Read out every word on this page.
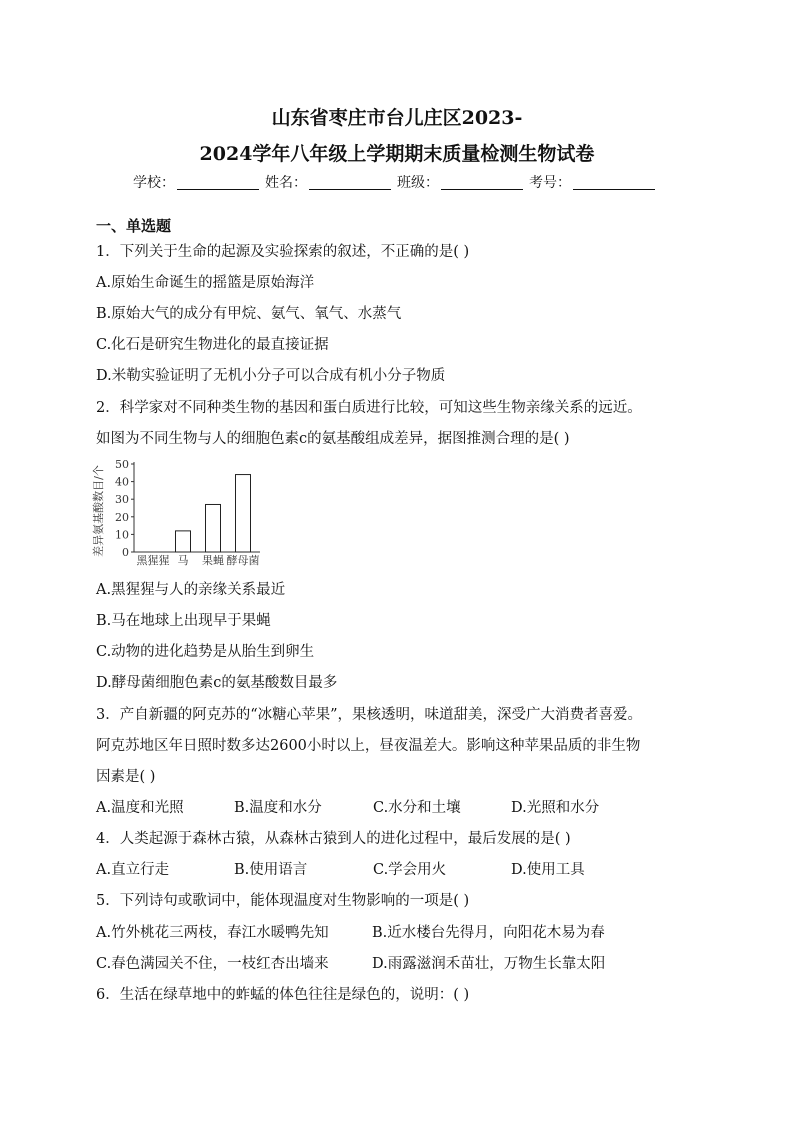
山东省枣庄市台儿庄区2023-
2024学年八年级上学期期末质量检测生物试卷
学校：	姓名：	班级：	考号：
一、单选题
1．下列关于生命的起源及实验探索的叙述，不正确的是( )
A.原始生命诞生的摇篮是原始海洋
B.原始大气的成分有甲烷、氨气、氧气、水蒸气
C.化石是研究生物进化的最直接证据
D.米勒实验证明了无机小分子可以合成有机小分子物质
2．科学家对不同种类生物的基因和蛋白质进行比较，可知这些生物亲缘关系的远近。
如图为不同生物与人的细胞色素c的氨基酸组成差异，据图推测合理的是( )
差异氨基酸数目/个 0
10
20
30
40
50
黑猩猩 马 果蝇 酵母菌
A.黑猩猩与人的亲缘关系最近
B.马在地球上出现早于果蝇
C.动物的进化趋势是从胎生到卵生
D.酵母菌细胞色素c的氨基酸数目最多
3．产自新疆的阿克苏的“冰糖心苹果”，果核透明，味道甜美，深受广大消费者喜爱。
阿克苏地区年日照时数多达2600小时以上，昼夜温差大。影响这种苹果品质的非生物
因素是( )
A.温度和光照	B.温度和水分	C.水分和土壤	D.光照和水分
4．人类起源于森林古猿，从森林古猿到人的进化过程中，最后发展的是( )
A.直立行走	B.使用语言	C.学会用火	D.使用工具
5．下列诗句或歌词中，能体现温度对生物影响的一项是( )
A.竹外桃花三两枝，春江水暖鸭先知	B.近水楼台先得月，向阳花木易为春
C.春色满园关不住，一枝红杏出墙来	D.雨露滋润禾苗壮，万物生长靠太阳
6．生活在绿草地中的蚱蜢的体色往往是绿色的，说明：( )
